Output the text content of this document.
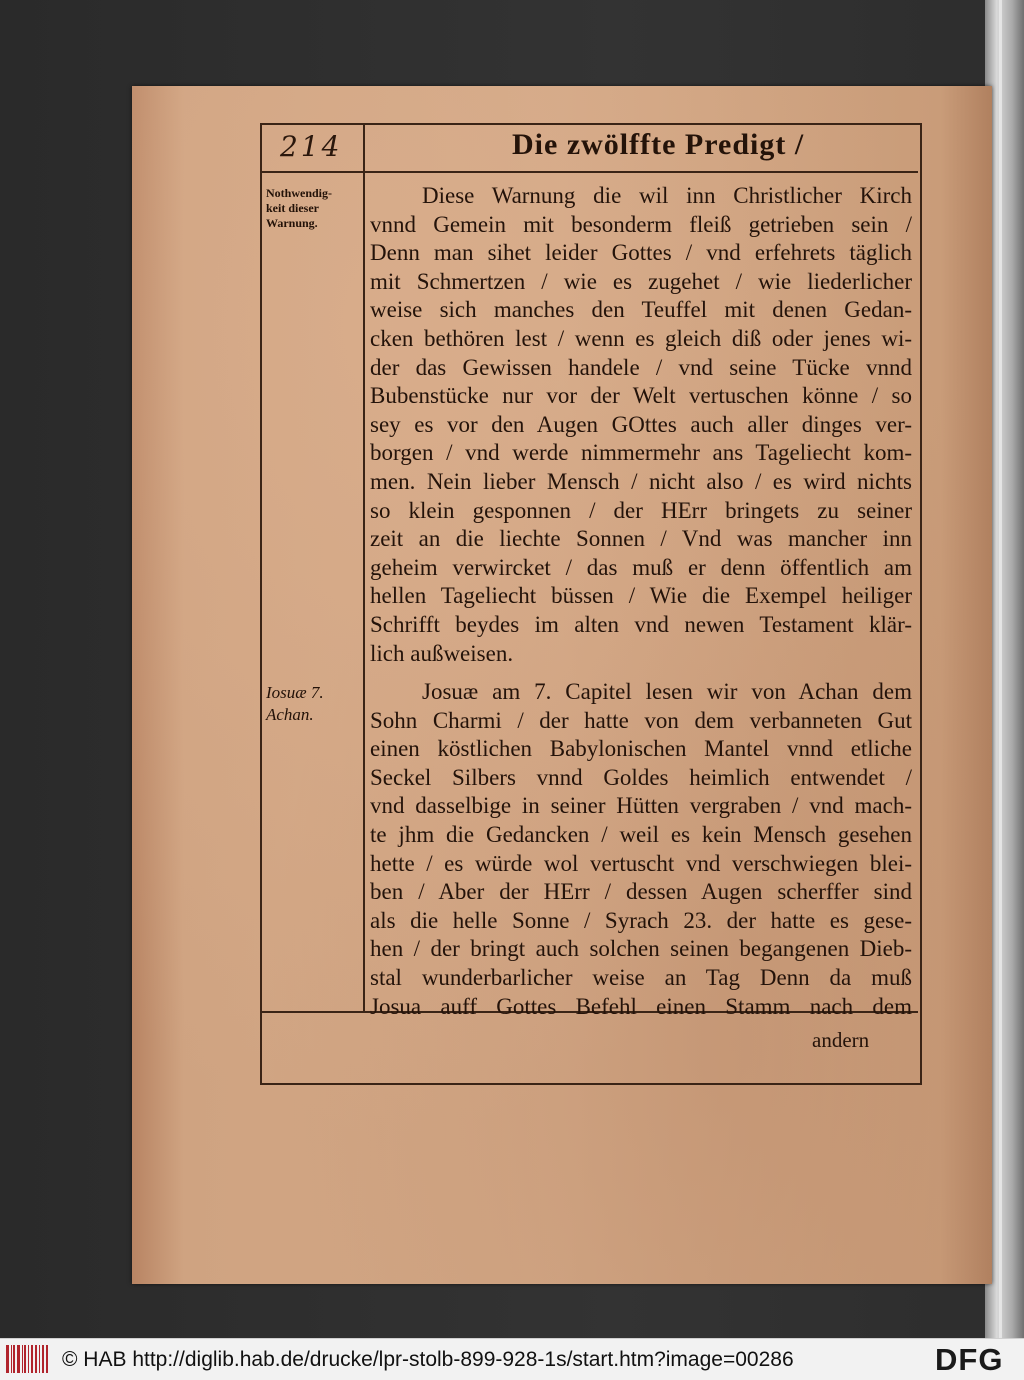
214	Die zwölffte Predigt /
Nothwendig-
keit dieser
Warnung.
Iosuæ 7.
Achan.
Diese Warnung die wil inn Christlicher Kirch
vnnd Gemein mit besonderm fleiß getrieben sein /
Denn man sihet leider Gottes / vnd erfehrets täglich
mit Schmertzen / wie es zugehet / wie liederlicher
weise sich manches den Teuffel mit denen Gedan-
cken bethören lest / wenn es gleich diß oder jenes wi-
der das Gewissen handele / vnd seine Tücke vnnd
Bubenstücke nur vor der Welt vertuschen könne / so
sey es vor den Augen GOttes auch aller dinges ver-
borgen / vnd werde nimmermehr ans Tageliecht kom-
men. Nein lieber Mensch / nicht also / es wird nichts
so klein gesponnen / der HErr bringets zu seiner
zeit an die liechte Sonnen / Vnd was mancher inn
geheim verwircket / das muß er denn öffentlich am
hellen Tageliecht büssen / Wie die Exempel heiliger
Schrifft beydes im alten vnd newen Testament klär-
lich außweisen.
Josuæ am 7. Capitel lesen wir von Achan dem
Sohn Charmi / der hatte von dem verbanneten Gut
einen köstlichen Babylonischen Mantel vnnd etliche
Seckel Silbers vnnd Goldes heimlich entwendet /
vnd dasselbige in seiner Hütten vergraben / vnd mach-
te jhm die Gedancken / weil es kein Mensch gesehen
hette / es würde wol vertuscht vnd verschwiegen blei-
ben / Aber der HErr / dessen Augen scherffer sind
als die helle Sonne / Syrach 23. der hatte es gese-
hen / der bringt auch solchen seinen begangenen Dieb-
stal wunderbarlicher weise an Tag Denn da muß
Josua auff Gottes Befehl einen Stamm nach dem
andern
© HAB http://diglib.hab.de/drucke/lpr-stolb-899-928-1s/start.htm?image=00286	DFG
